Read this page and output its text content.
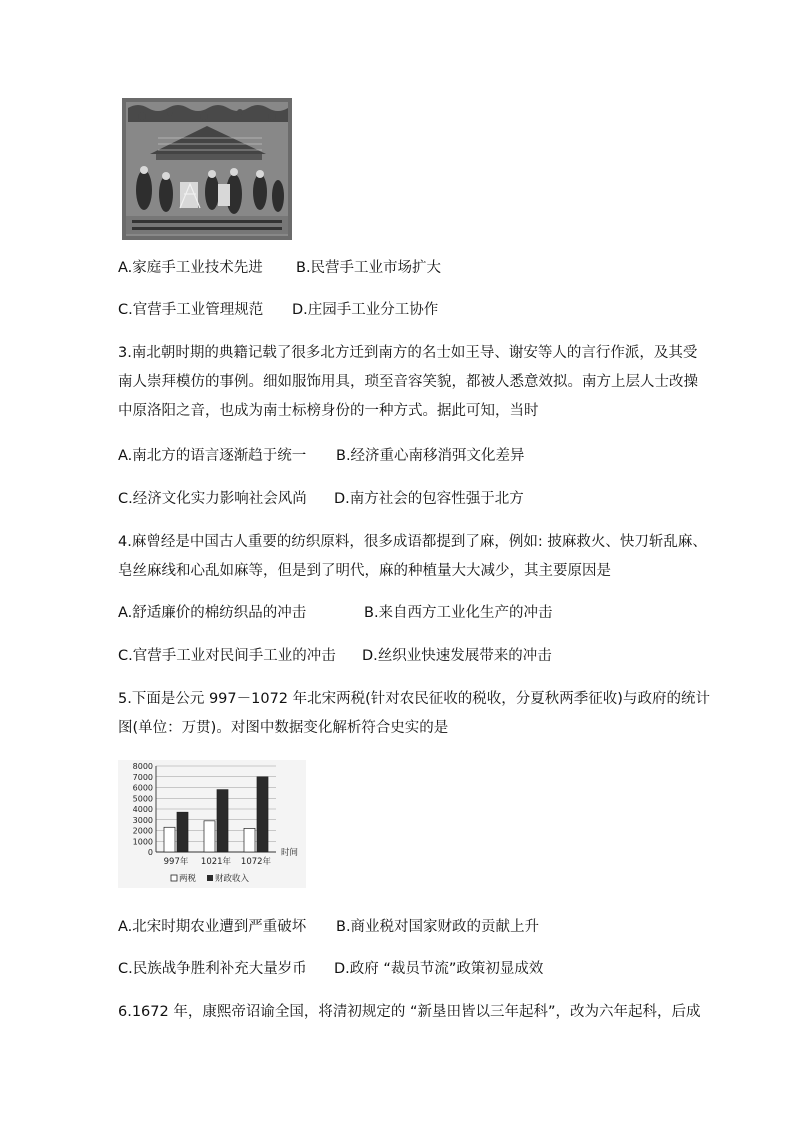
A.家庭手工业技术先进 B.民营手工业市场扩大
C.官营手工业管理规范 D.庄园手工业分工协作
3.南北朝时期的典籍记载了很多北方迁到南方的名士如王导、谢安等人的言行作派，及其受
南人崇拜模仿的事例。细如服饰用具，琐至音容笑貌，都被人悉意效拟。南方上层人士改操
中原洛阳之音，也成为南士标榜身份的一种方式。据此可知，当时
A.南北方的语言逐渐趋于统一 B.经济重心南移消弭文化差异
C.经济文化实力影响社会风尚 D.南方社会的包容性强于北方
4.麻曾经是中国古人重要的纺织原料，很多成语都提到了麻，例如: 披麻救火、快刀斩乱麻、
皂丝麻线和心乱如麻等，但是到了明代，麻的种植量大大减少，其主要原因是
A.舒适廉价的棉纺织品的冲击	B.来自西方工业化生产的冲击
C.官营手工业对民间手工业的冲击 D.丝织业快速发展带来的冲击
5.下面是公元 997－1072 年北宋两税(针对农民征收的税收，分夏秋两季征收)与政府的统计
图(单位：万贯)。对图中数据变化解析符合史实的是
0
1000
2000
3000
4000
5000
6000
7000
8000
997年 1021年 1072年
时间
两税 财政收入
A.北宋时期农业遭到严重破坏 B.商业税对国家财政的贡献上升
C.民族战争胜利补充大量岁币 D.政府 “裁员节流”政策初显成效
6.1672 年，康熙帝诏谕全国，将清初规定的 “新垦田皆以三年起科”，改为六年起科，后成
